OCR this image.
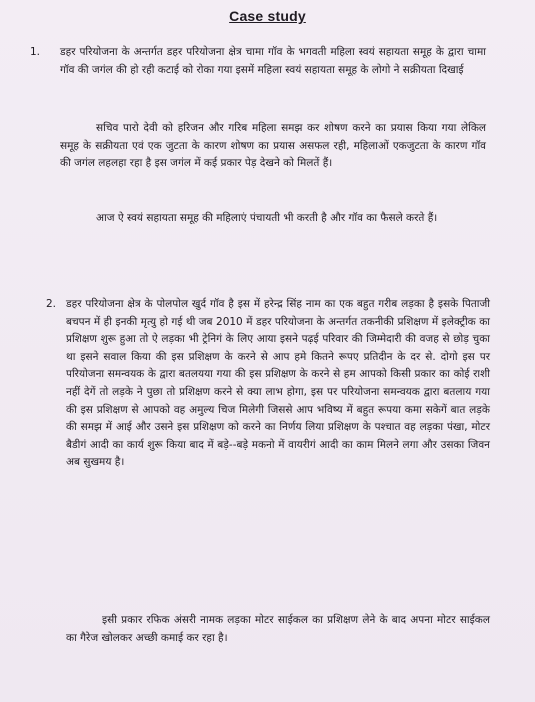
Case study
1. डहर परियोजना के अन्तर्गत डहर परियोजना क्षेत्र चामा गॉव के भगवती महिला स्वयं सहायता समूह के द्वारा चामा गॉव की जगंल की हो रही कटाई को रोका गया इसमें महिला स्वयं सहायता समूह के लोगो ने सक्रीयता दिखाई
सचिव पारो देवी को हरिजन और गरिब महिला समझ कर शोषण करने का प्रयास किया गया लेकिल समूह के सक्रीयता एवं एक जुटता के कारण शोषण का प्रयास असफल रही, महिलाओं एकजुटता के कारण गॉव की जगंल लहलहा रहा है इस जगंल में कई प्रकार पेड़ देखने को मिलतें हैं।
आज ऐ स्वयं सहायता समूह की महिलाएं पंचायती भी करती है और गॉव का फैसले करते हैं।
2. डहर परियोजना क्षेत्र के पोलपोल खुर्द गॉव है इस में हरेन्द्र सिंह नाम का एक बहुत गरीब लड़का है इसके पिताजी बचपन में ही इनकी मृत्यु हो गई थी जब 2010 में डहर परियोजना के अन्तर्गत तकनीकी प्रशिक्षण में इलेक्ट्रीक का प्रशिक्षण शुरू हुआ तो ऐ लड़का भी ट्रेनिगं के लिए आया इसने पढ़ई परिवार की जिम्मेदारी की वजह से छोड़ चुका था इसने सवाल किया की इस प्रशिक्षण के करने से आप हमे कितने रूपए प्रतिदीन के दर से. दोगो इस पर परियोजना समन्वयक के द्वारा बतलयया गया की इस प्रशिक्षण के करने से हम आपको किसी प्रकार का कोई राशी नहीं देगें तो लड़के ने पुछा तो प्रशिक्षण करने से क्या लाभ होगा, इस पर परियोजना समन्वयक द्वारा बतलाय गया की इस प्रशिक्षण से आपको वह अमुल्य चिज मिलेगी जिससे आप भविष्य में बहुत रूपया कमा सकेगें बात लड़के की समझ में आई और उसने इस प्रशिक्षण को करने का निर्णय लिया प्रशिक्षण के पश्चात वह लड़का पंखा, मोटर बैडीगं आदी का कार्य शुरू किया बाद में बड़े--बड़े मकनो में वायरीगं आदी का काम मिलने लगा और उसका जिवन अब सुखमय है।
इसी प्रकार रफिक अंसरी नामक लड़का मोटर साईकल का प्रशिक्षण लेने के बाद अपना मोटर साईकल का गैरेज खोलकर अच्छी कमाई कर रहा है।
